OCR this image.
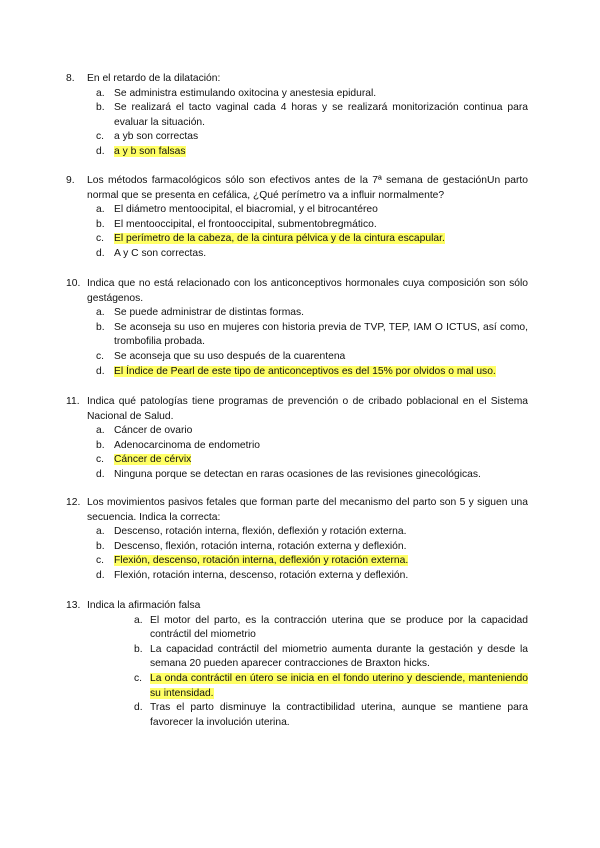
8. En el retardo de la dilatación:
a. Se administra estimulando oxitocina y anestesia epidural.
b. Se realizará el tacto vaginal cada 4 horas y se realizará monitorización continua para evaluar la situación.
c. a yb son correctas
d. a y b son falsas
9. Los métodos farmacológicos sólo son efectivos antes de la 7ª semana de gestaciónUn parto normal que se presenta en cefálica, ¿Qué perímetro va a influir normalmente?
a. El diámetro mentoocipital, el biacromial, y el bitrocantéreo
b. El mentooccipital, el frontooccipital, submentobregmático.
c. El perímetro de la cabeza, de la cintura pélvica y de la cintura escapular.
d. A y C son correctas.
10. Indica que no está relacionado con los anticonceptivos hormonales cuya composición son sólo gestágenos.
a. Se puede administrar de distintas formas.
b. Se aconseja su uso en mujeres con historia previa de TVP, TEP, IAM O ICTUS, así como, trombofilia probada.
c. Se aconseja que su uso después de la cuarentena
d. El Índice de Pearl de este tipo de anticonceptivos es del 15% por olvidos o mal uso.
11. Indica qué patologías tiene programas de prevención o de cribado poblacional en el Sistema Nacional de Salud.
a. Cáncer de ovario
b. Adenocarcinoma de endometrio
c. Cáncer de cérvix
d. Ninguna porque se detectan en raras ocasiones de las revisiones ginecológicas.
12. Los movimientos pasivos fetales que forman parte del mecanismo del parto son 5 y siguen una secuencia. Indica la correcta:
a. Descenso, rotación interna, flexión, deflexión y rotación externa.
b. Descenso, flexión, rotación interna, rotación externa y deflexión.
c. Flexión, descenso, rotación interna, deflexión y rotación externa.
d. Flexión, rotación interna, descenso, rotación externa y deflexión.
13. Indica la afirmación falsa
a. El motor del parto, es la contracción uterina que se produce por la capacidad contráctil del miometrio
b. La capacidad contráctil del miometrio aumenta durante la gestación y desde la semana 20 pueden aparecer contracciones de Braxton hicks.
c. La onda contráctil en útero se inicia en el fondo uterino y desciende, manteniendo su intensidad.
d. Tras el parto disminuye la contractibilidad uterina, aunque se mantiene para favorecer la involución uterina.
